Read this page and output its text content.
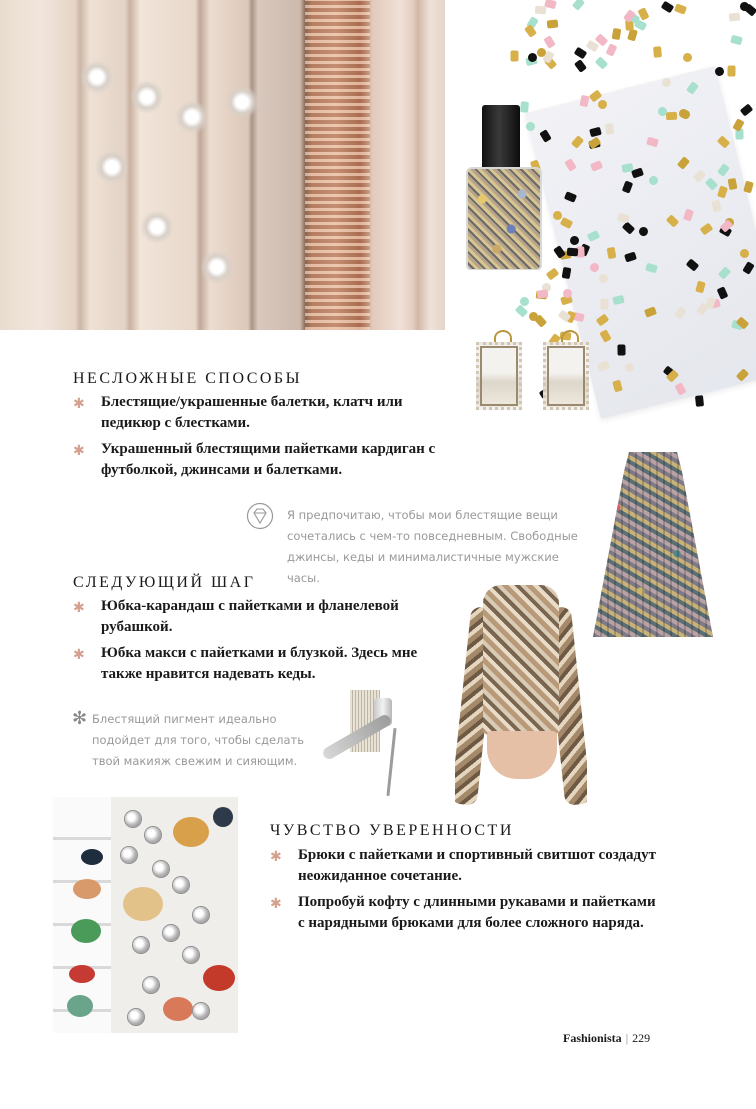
НЕСЛОЖНЫЕ СПОСОБЫ
✱ Блестящие/украшенные балетки, клатч или педикюр с блестками.
✱ Украшенный блестящими пайетками кардиган с футболкой, джинсами и балетками.
Я предпочитаю, чтобы мои блестящие вещи сочетались с чем-то повседневным. Свободные джинсы, кеды и минималистичные мужские часы.
СЛЕДУЮЩИЙ ШАГ
✱ Юбка-карандаш с пайетками и фланелевой рубашкой.
✱ Юбка макси с пайетками и блузкой. Здесь мне также нравится надевать кеды.
✻ Блестящий пигмент идеально подойдет для того, чтобы сделать твой макияж свежим и сияющим.
ЧУВСТВО УВЕРЕННОСТИ
✱ Брюки с пайетками и спортивный свитшот создадут неожиданное сочетание.
✱ Попробуй кофту с длинными рукавами и пайетками с нарядными брюками для более сложного наряда.
Fashionista | 229
